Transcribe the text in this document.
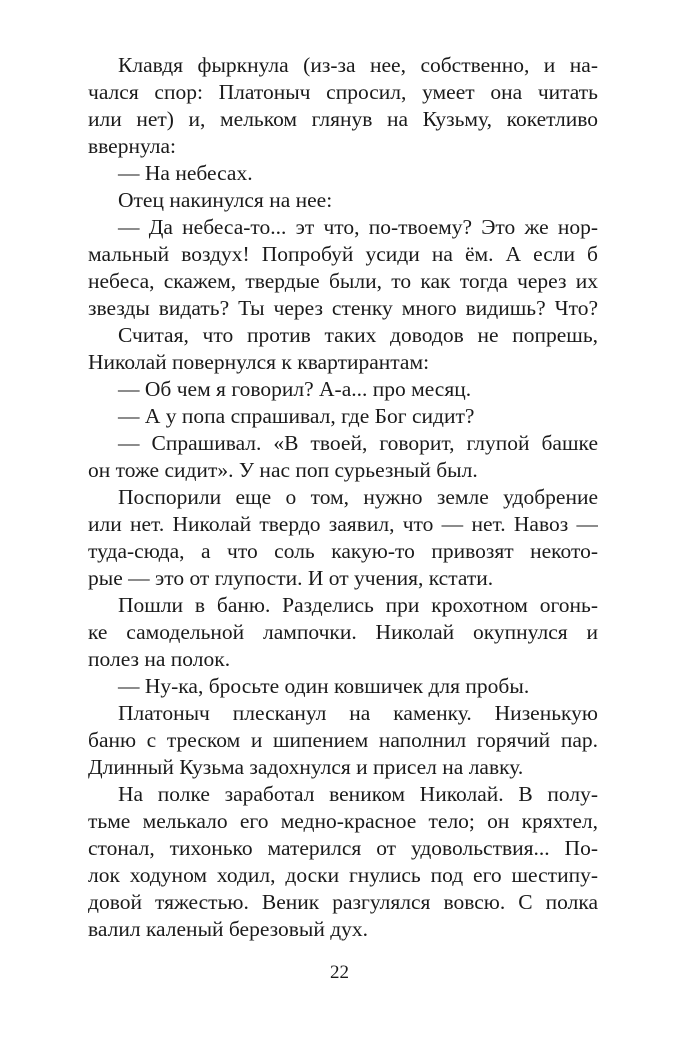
Клавдя фыркнула (из-за нее, собственно, и на-
чался спор: Платоныч спросил, умеет она читать
или нет) и, мельком глянув на Кузьму, кокетливо
ввернула:
— На небесах.
Отец накинулся на нее:
— Да небеса-то... эт что, по-твоему? Это же нор-
мальный воздух! Попробуй усиди на ём. А если б
небеса, скажем, твердые были, то как тогда через их
звезды видать? Ты через стенку много видишь? Что?
Считая, что против таких доводов не попрешь,
Николай повернулся к квартирантам:
— Об чем я говорил? А-а... про месяц.
— А у попа спрашивал, где Бог сидит?
— Спрашивал. «В твоей, говорит, глупой башке
он тоже сидит». У нас поп сурьезный был.
Поспорили еще о том, нужно земле удобрение
или нет. Николай твердо заявил, что — нет. Навоз —
туда-сюда, а что соль какую-то привозят некото-
рые — это от глупости. И от учения, кстати.
Пошли в баню. Разделись при крохотном огонь-
ке самодельной лампочки. Николай окупнулся и
полез на полок.
— Ну-ка, бросьте один ковшичек для пробы.
Платоныч плесканул на каменку. Низенькую
баню с треском и шипением наполнил горячий пар.
Длинный Кузьма задохнулся и присел на лавку.
На полке заработал веником Николай. В полу-
тьме мелькало его медно-красное тело; он кряхтел,
стонал, тихонько матерился от удовольствия... По-
лок ходуном ходил, доски гнулись под его шестипу-
довой тяжестью. Веник разгулялся вовсю. С полка
валил каленый березовый дух.
22
